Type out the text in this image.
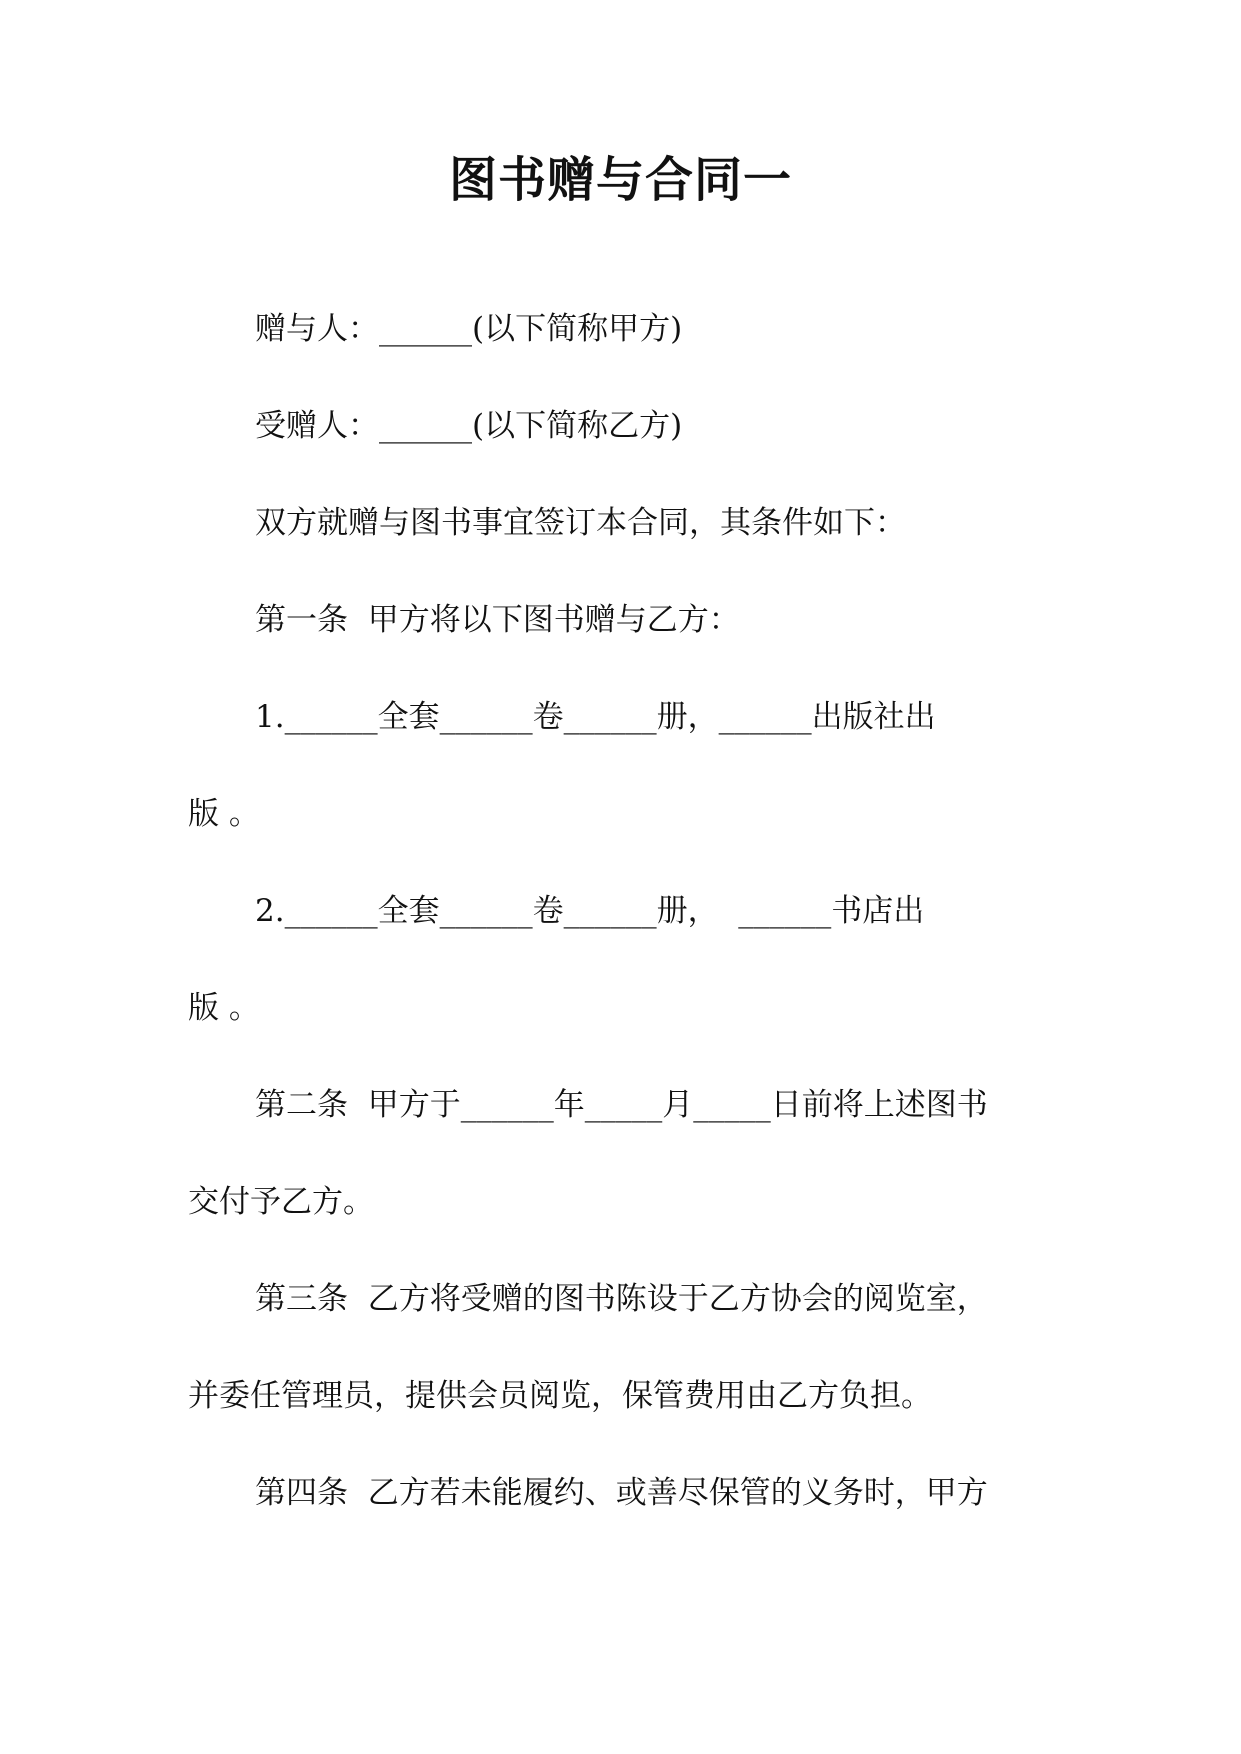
图书赠与合同一

赠与人：______(以下简称甲方)

受赠人：______(以下简称乙方)

双方就赠与图书事宜签订本合同，其条件如下：

第一条  甲方将以下图书赠与乙方：

1.______全套______卷______册，______出版社出

版 。

2.______全套______卷______册，  ______书店出

版 。

第二条  甲方于______年_____月_____日前将上述图书

交付予乙方。

第三条  乙方将受赠的图书陈设于乙方协会的阅览室，

并委任管理员，提供会员阅览，保管费用由乙方负担。

第四条  乙方若未能履约、或善尽保管的义务时，甲方
